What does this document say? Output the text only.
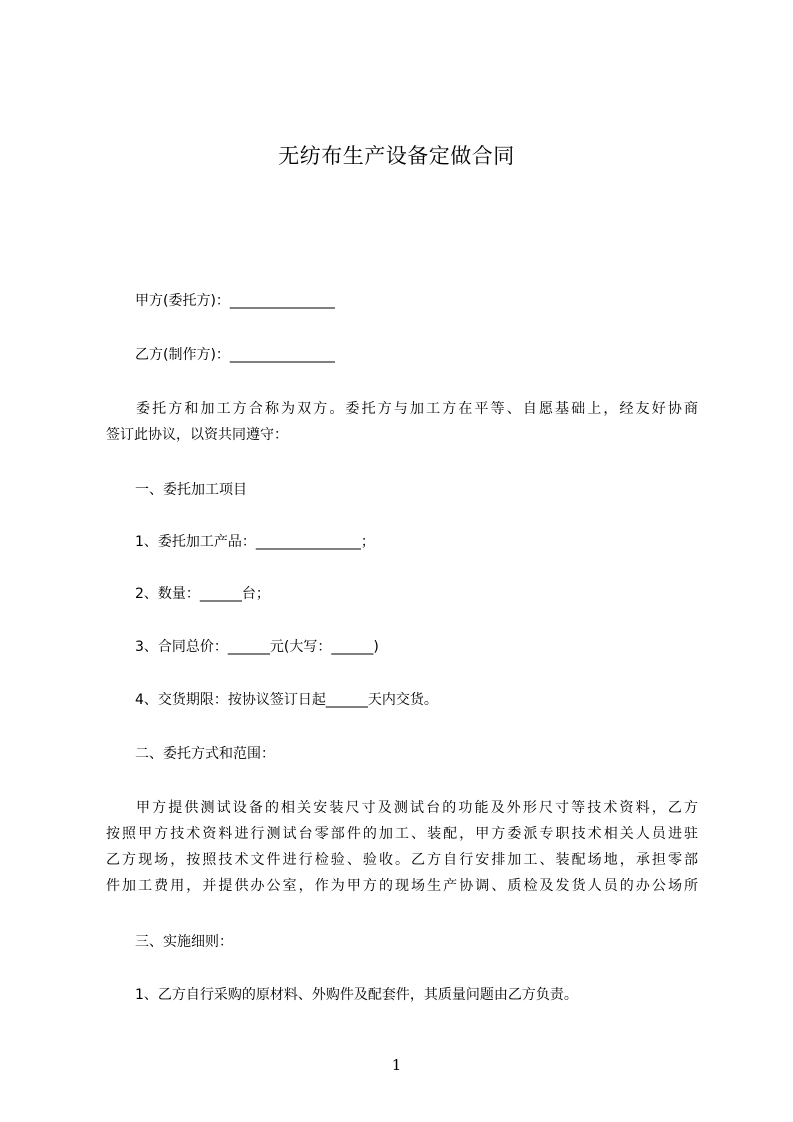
无纺布生产设备定做合同
甲方(委托方)：_______________
乙方(制作方)：_______________
委托方和加工方合称为双方。委托方与加工方在平等、自愿基础上，经友好协商
签订此协议，以资共同遵守：
一、委托加工项目
1、委托加工产品：_______________；
2、数量：______台；
3、合同总价：______元(大写：______)
4、交货期限：按协议签订日起______天内交货。
二、委托方式和范围：
甲方提供测试设备的相关安装尺寸及测试台的功能及外形尺寸等技术资料，乙方
按照甲方技术资料进行测试台零部件的加工、装配，甲方委派专职技术相关人员进驻
乙方现场，按照技术文件进行检验、验收。乙方自行安排加工、装配场地，承担零部
件加工费用，并提供办公室，作为甲方的现场生产协调、质检及发货人员的办公场所
三、实施细则：
1、乙方自行采购的原材料、外购件及配套件，其质量问题由乙方负责。
1
